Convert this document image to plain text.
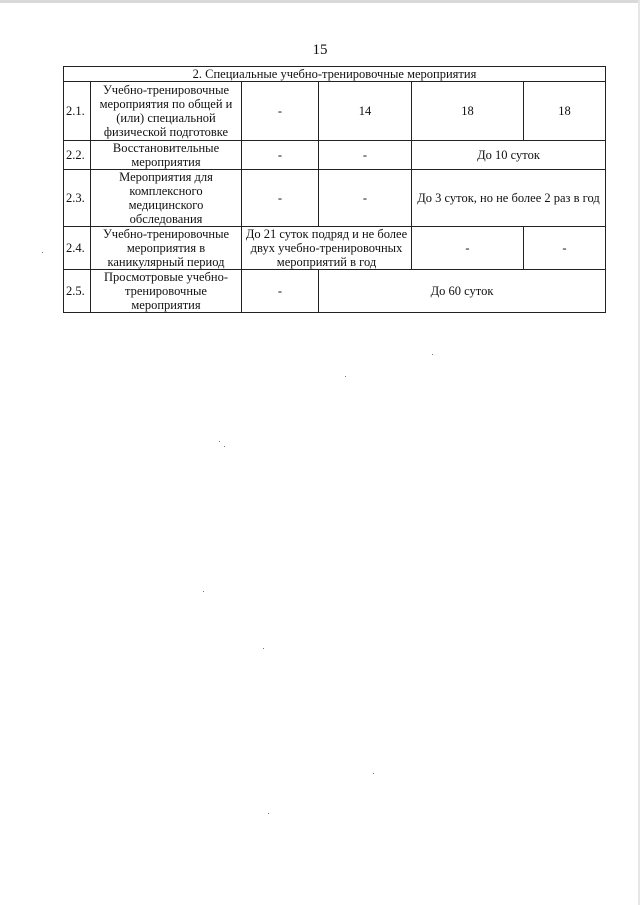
15
2. Специальные учебно-тренировочные мероприятия					
2.1.	Учебно-тренировочные мероприятия по общей и (или) специальной физической подготовке	-	14	18	18
2.2.	Восстановительные мероприятия	-	-	До 10 суток	
2.3.	Мероприятия для комплексного медицинского обследования	-	-	До 3 суток, но не более 2 раз в год	
2.4.	Учебно-тренировочные мероприятия в каникулярный период	До 21 суток подряд и не более двух учебно-тренировочных мероприятий в год		-	-
2.5.	Просмотровые учебно-тренировочные мероприятия	-	До 60 суток		
